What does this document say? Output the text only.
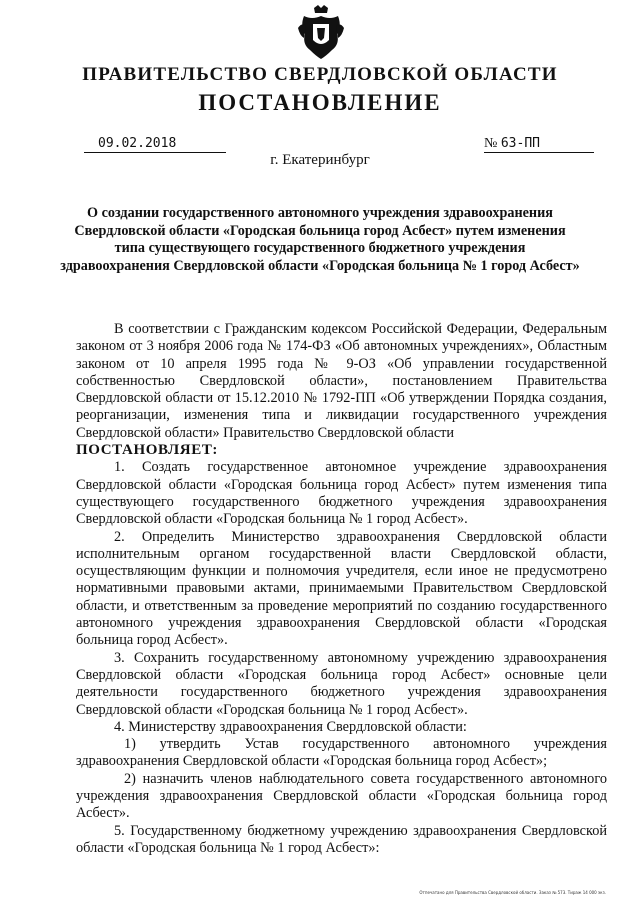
ПРАВИТЕЛЬСТВО СВЕРДЛОВСКОЙ ОБЛАСТИ
ПОСТАНОВЛЕНИЕ
09.02.2018	№ 63-ПП
г. Екатеринбург
О создании государственного автономного учреждения здравоохранения Свердловской области «Городская больница город Асбест» путем изменения типа существующего государственного бюджетного учреждения здравоохранения Свердловской области «Городская больница № 1 город Асбест»

В соответствии с Гражданским кодексом Российской Федерации, Федеральным законом от 3 ноября 2006 года № 174-ФЗ «Об автономных учреждениях», Областным законом от 10 апреля 1995 года № 9-ОЗ «Об управлении государственной собственностью Свердловской области», постановлением Правительства Свердловской области от 15.12.2010 № 1792-ПП «Об утверждении Порядка создания, реорганизации, изменения типа и ликвидации государственного учреждения Свердловской области» Правительство Свердловской области

ПОСТАНОВЛЯЕТ:

1. Создать государственное автономное учреждение здравоохранения Свердловской области «Городская больница город Асбест» путем изменения типа существующего государственного бюджетного учреждения здравоохранения Свердловской области «Городская больница № 1 город Асбест».

2. Определить Министерство здравоохранения Свердловской области исполнительным органом государственной власти Свердловской области, осуществляющим функции и полномочия учредителя, если иное не предусмотрено нормативными правовыми актами, принимаемыми Правительством Свердловской области, и ответственным за проведение мероприятий по созданию государственного автономного учреждения здравоохранения Свердловской области «Городская больница город Асбест».

3. Сохранить государственному автономному учреждению здравоохранения Свердловской области «Городская больница город Асбест» основные цели деятельности государственного бюджетного учреждения здравоохранения Свердловской области «Городская больница № 1 город Асбест».

4. Министерству здравоохранения Свердловской области:

1) утвердить Устав государственного автономного учреждения здравоохранения Свердловской области «Городская больница город Асбест»;

2) назначить членов наблюдательного совета государственного автономного учреждения здравоохранения Свердловской области «Городская больница город Асбест».

5. Государственному бюджетному учреждению здравоохранения Свердловской области «Городская больница № 1 город Асбест»:

Отпечатано для Правительства Свердловской области. Заказ № 573. Тираж 14 000 экз.
